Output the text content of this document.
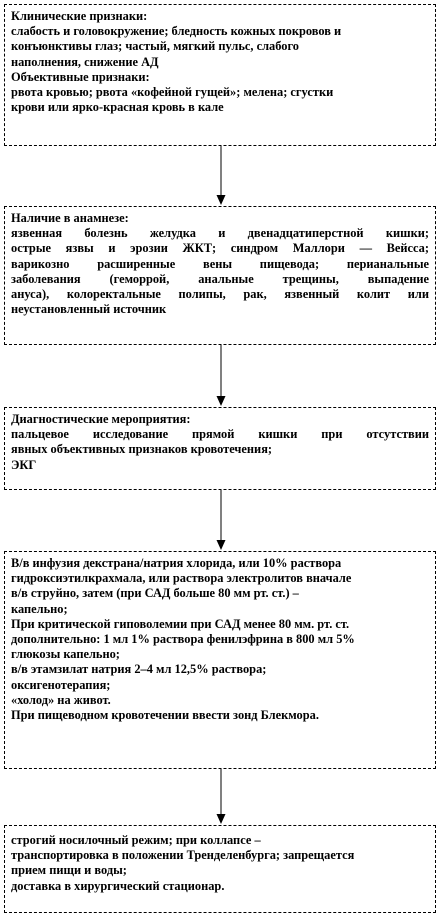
Клинические признаки:
слабость и головокружение; бледность кожных покровов и
конъюнктивы глаз; частый, мягкий пульс, слабого
наполнения, снижение АД
Объективные признаки:
рвота кровью; рвота «кофейной гущей»; мелена; сгустки
крови или ярко-красная кровь в кале
Наличие в анамнезе:
язвенная болезнь желудка и двенадцатиперстной кишки;
острые язвы и эрозии ЖКТ; синдром Маллори — Вейсса;
варикозно расширенные вены пищевода; перианальные
заболевания (геморрой, анальные трещины, выпадение
ануса), колоректальные полипы, рак, язвенный колит или
неустановленный источник
Диагностические мероприятия:
пальцевое исследование прямой кишки при отсутствии
явных объективных признаков кровотечения;
ЭКГ
В/в инфузия декстрана/натрия хлорида, или 10% раствора
гидроксиэтилкрахмала, или раствора электролитов вначале
в/в струйно, затем (при САД больше 80 мм рт. ст.) –
капельно;
При критической гиповолемии при САД менее 80 мм. рт. ст.
дополнительно: 1 мл 1% раствора фенилэфрина в 800 мл 5%
глюкозы капельно;
в/в этамзилат натрия 2–4 мл 12,5% раствора;
оксигенотерапия;
«холод» на живот.
При пищеводном кровотечении ввести зонд Блекмора.
строгий носилочный режим; при коллапсе –
транспортировка в положении Тренделенбурга; запрещается
прием пищи и воды;
доставка в хирургический стационар.
